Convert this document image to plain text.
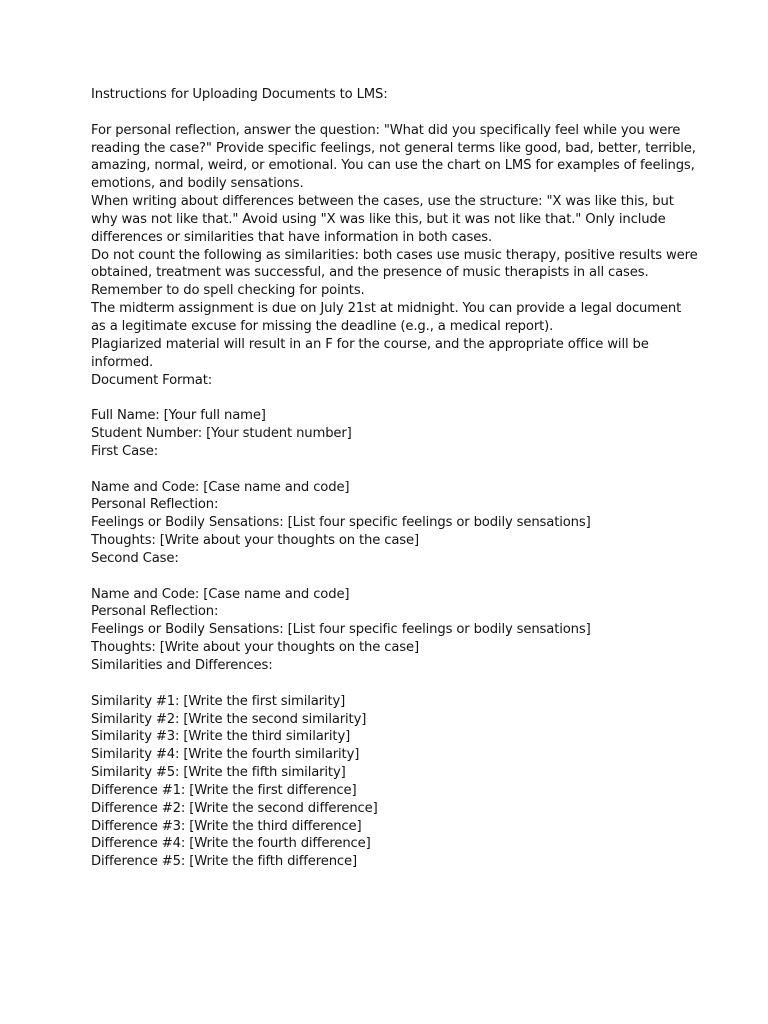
Instructions for Uploading Documents to LMS:
For personal reflection, answer the question: "What did you specifically feel while you were
reading the case?" Provide specific feelings, not general terms like good, bad, better, terrible,
amazing, normal, weird, or emotional. You can use the chart on LMS for examples of feelings,
emotions, and bodily sensations.
When writing about differences between the cases, use the structure: "X was like this, but
why was not like that." Avoid using "X was like this, but it was not like that." Only include
differences or similarities that have information in both cases.
Do not count the following as similarities: both cases use music therapy, positive results were
obtained, treatment was successful, and the presence of music therapists in all cases.
Remember to do spell checking for points.
The midterm assignment is due on July 21st at midnight. You can provide a legal document
as a legitimate excuse for missing the deadline (e.g., a medical report).
Plagiarized material will result in an F for the course, and the appropriate office will be
informed.
Document Format:
Full Name: [Your full name]
Student Number: [Your student number]
First Case:
Name and Code: [Case name and code]
Personal Reflection:
Feelings or Bodily Sensations: [List four specific feelings or bodily sensations]
Thoughts: [Write about your thoughts on the case]
Second Case:
Name and Code: [Case name and code]
Personal Reflection:
Feelings or Bodily Sensations: [List four specific feelings or bodily sensations]
Thoughts: [Write about your thoughts on the case]
Similarities and Differences:
Similarity #1: [Write the first similarity]
Similarity #2: [Write the second similarity]
Similarity #3: [Write the third similarity]
Similarity #4: [Write the fourth similarity]
Similarity #5: [Write the fifth similarity]
Difference #1: [Write the first difference]
Difference #2: [Write the second difference]
Difference #3: [Write the third difference]
Difference #4: [Write the fourth difference]
Difference #5: [Write the fifth difference]
